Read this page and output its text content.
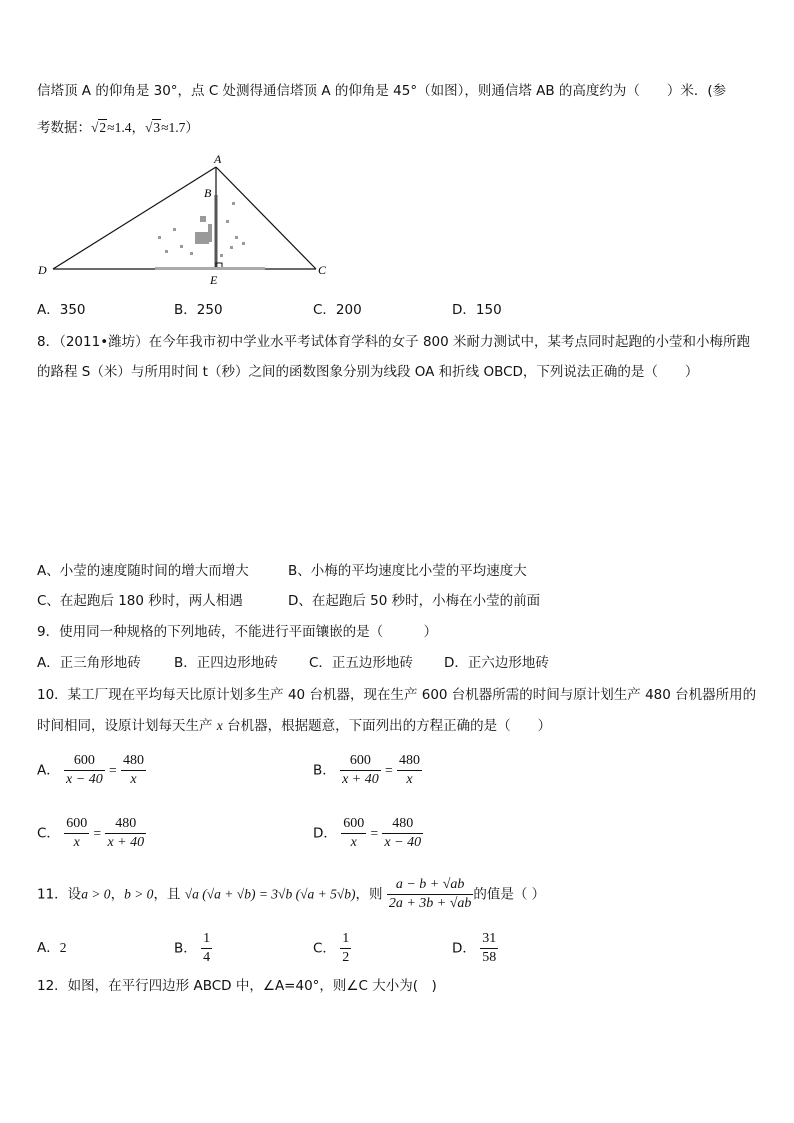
信塔顶 A 的仰角是 30°，点 C 处测得通信塔顶 A 的仰角是 45°（如图），则通信塔 AB 的高度约为（　　）米．(参
考数据：√2≈1.4，√3≈1.7）
A
B
C
D
E
A．350	B．250	C．200	D．150
8．（2011•潍坊）在今年我市初中学业水平考试体育学科的女子 800 米耐力测试中，某考点同时起跑的小莹和小梅所跑
的路程 S（米）与所用时间 t（秒）之间的函数图象分别为线段 OA 和折线 OBCD，下列说法正确的是（　　）
A、小莹的速度随时间的增大而增大	B、小梅的平均速度比小莹的平均速度大
C、在起跑后 180 秒时，两人相遇	D、在起跑后 50 秒时，小梅在小莹的前面
9．使用同一种规格的下列地砖，不能进行平面镶嵌的是（　　　）
A．正三角形地砖 B．正四边形地砖 C．正五边形地砖 D．正六边形地砖
10．某工厂现在平均每天比原计划多生产 40 台机器，现在生产 600 台机器所需的时间与原计划生产 480 台机器所用的
时间相同，设原计划每天生产 x 台机器，根据题意，下面列出的方程正确的是（　　）
A． $\frac{600}{x - 40} = \frac{480}{x}$	B． $\frac{600}{x + 40} = \frac{480}{x}$
C． $\frac{600}{x} = \frac{480}{x + 40}$	D． $\frac{600}{x} = \frac{480}{x - 40}$
11．设a > 0，b > 0，且 √a (√a + √b) = 3√b (√a + 5√b)，则 $\frac{a - b + √ab}{2a + 3b + √ab}$ 的值是（ ）
A．2	B． $\frac{1}{4}$	C． $\frac{1}{2}$	D． $\frac{31}{58}$
12．如图，在平行四边形 ABCD 中，∠A=40°，则∠C 大小为(　)
